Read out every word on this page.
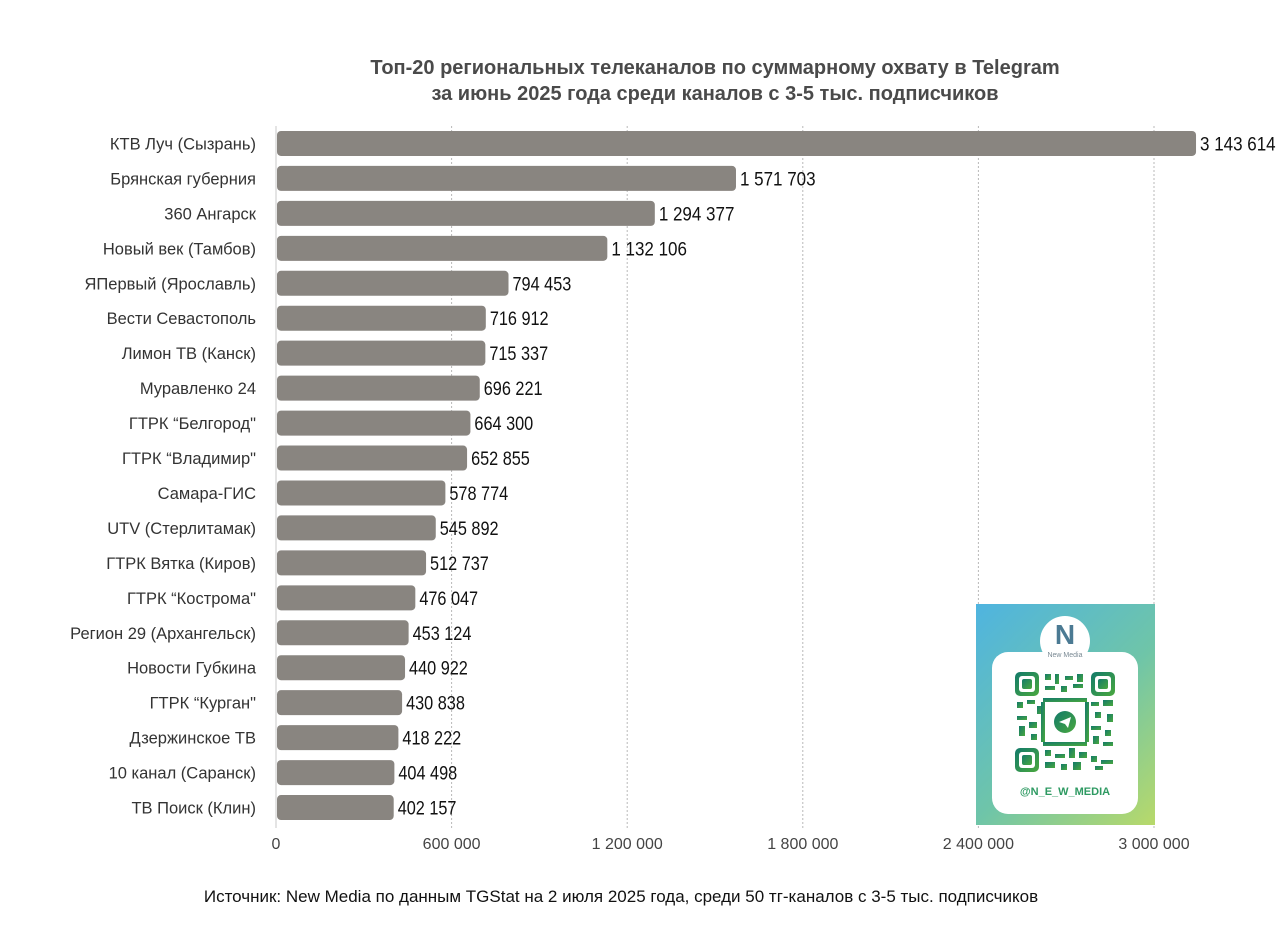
Топ-20 региональных телеканалов по суммарному охвату в Telegram
за июнь 2025 года среди каналов с 3-5 тыс. подписчиков
0	600 000	1 200 000	1 800 000	2 400 000	3 000 000
КТВ Луч (Сызрань)	3 143 614
Брянская губерния	1 571 703
360 Ангарск	1 294 377
Новый век (Тамбов)	1 132 106
ЯПервый (Ярославль)	794 453
Вести Севастополь	716 912
Лимон ТВ (Канск)	715 337
Муравленко 24	696 221
ГТРК “Белгород"	664 300
ГТРК “Владимир"	652 855
Самара-ГИС	578 774
UTV (Стерлитамак)	545 892
ГТРК Вятка (Киров)	512 737
ГТРК “Кострома"	476 047
Регион 29 (Архангельск)	453 124
Новости Губкина	440 922
ГТРК “Курган"	430 838
Дзержинское ТВ	418 222
10 канал (Саранск)	404 498
ТВ Поиск (Клин)	402 157
@N_E_W_MEDIA
N
New Media
Источник: New Media по данным TGStat на 2 июля 2025 года, среди 50 тг-каналов с 3-5 тыс. подписчиков
